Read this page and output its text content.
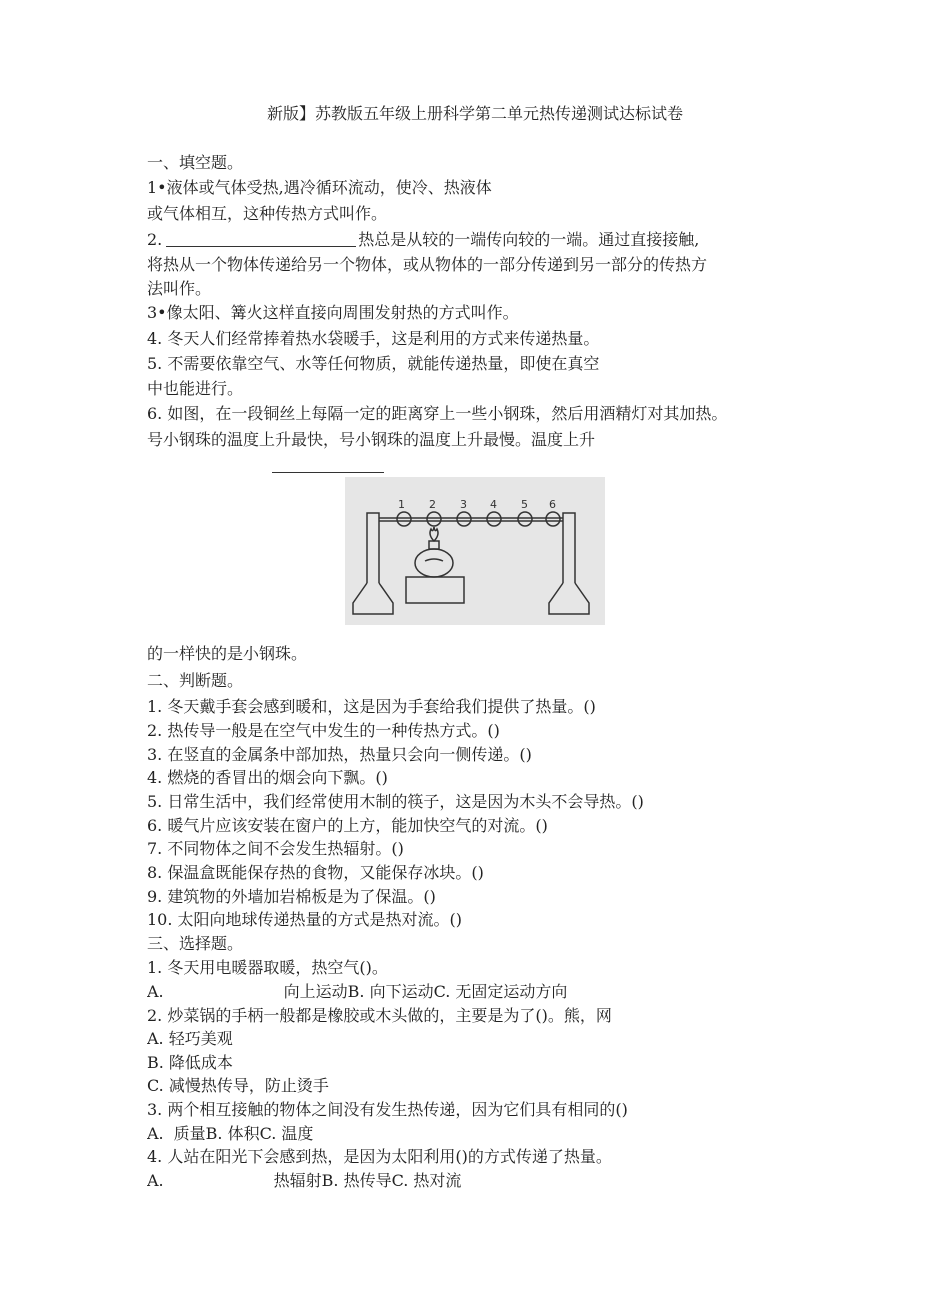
新版】苏教版五年级上册科学第二单元热传递测试达标试卷
一、填空题。
1•液体或气体受热,遇冷循环流动，使冷、热液体
或气体相互，这种传热方式叫作。
2.	热总是从较的一端传向较的一端。通过直接接触,
将热从一个物体传递给另一个物体，或从物体的一部分传递到另一部分的传热方
法叫作。
3•像太阳、篝火这样直接向周围发射热的方式叫作。
4. 冬天人们经常捧着热水袋暖手，这是利用的方式来传递热量。
5. 不需要依靠空气、水等任何物质，就能传递热量，即使在真空
中也能进行。
6. 如图，在一段铜丝上每隔一定的距离穿上一些小钢珠，然后用酒精灯对其加热。
号小钢珠的温度上升最快，号小钢珠的温度上升最慢。温度上升
1 2 3 4 5 6
的一样快的是小钢珠。
二、判断题。
1. 冬天戴手套会感到暖和，这是因为手套给我们提供了热量。()
2. 热传导一般是在空气中发生的一种传热方式。()
3. 在竖直的金属条中部加热，热量只会向一侧传递。()
4. 燃烧的香冒出的烟会向下飘。()
5. 日常生活中，我们经常使用木制的筷子，这是因为木头不会导热。()
6. 暖气片应该安装在窗户的上方，能加快空气的对流。()
7. 不同物体之间不会发生热辐射。()
8. 保温盒既能保存热的食物，又能保存冰块。()
9. 建筑物的外墙加岩棉板是为了保温。()
10. 太阳向地球传递热量的方式是热对流。()
三、选择题。
1. 冬天用电暖器取暖，热空气()。
A.	向上运动B. 向下运动C. 无固定运动方向
2. 炒菜锅的手柄一般都是橡胶或木头做的，主要是为了()。熊，网
A. 轻巧美观
B. 降低成本
C. 减慢热传导，防止烫手
3. 两个相互接触的物体之间没有发生热传递，因为它们具有相同的()
A. 质量B. 体积C. 温度
4. 人站在阳光下会感到热，是因为太阳利用()的方式传递了热量。
A.	热辐射B. 热传导C. 热对流
